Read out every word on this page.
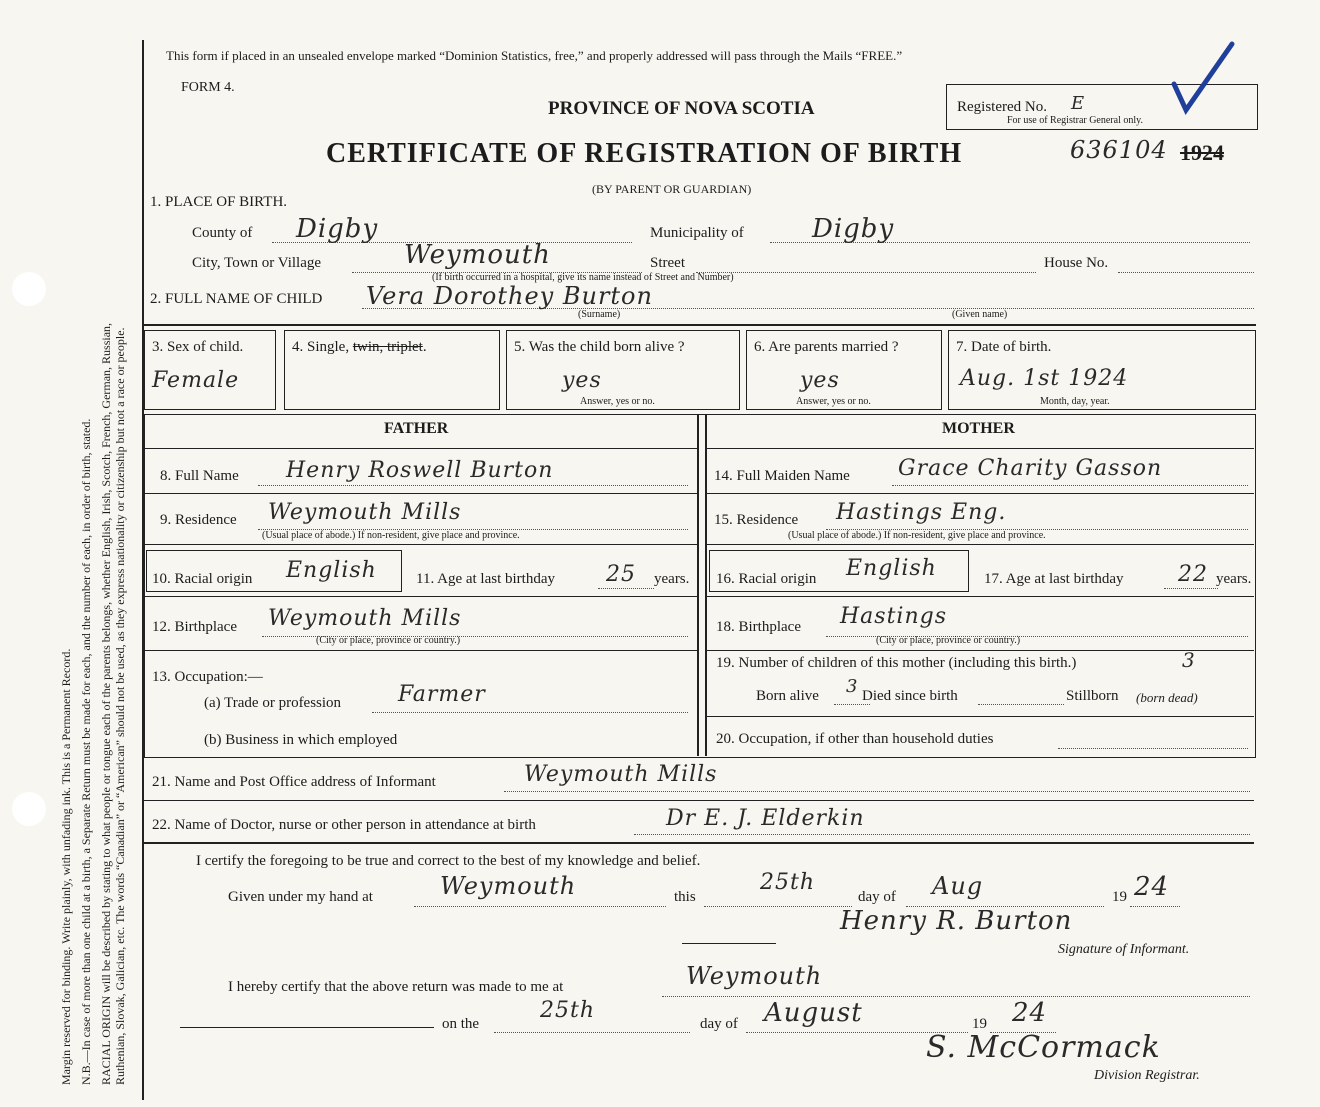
Margin reserved for binding. Write plainly, with unfading ink. This is a Permanent Record. N.B.—In case of more than one child at a birth, a Separate Return must be made for each, and the number of each, in order of birth, stated. RACIAL ORIGIN will be described by stating to what people or tongue each of the parents belongs, whether English, Irish, Scotch, French, German, Russian, Ruthenian, Slovak, Galician, etc. The words “Canadian” or “American” should not be used, as they express nationality or citizenship but not a race or people.
This form if placed in an unsealed envelope marked “Dominion Statistics, free,” and properly addressed will pass through the Mails “FREE.”
FORM 4.
PROVINCE OF NOVA SCOTIA	Registered No. E
For use of Registrar General only.
CERTIFICATE OF REGISTRATION OF BIRTH	636104 1924
(BY PARENT OR GUARDIAN)
1. PLACE OF BIRTH.
County of Digby	Municipality of	Digby
City, Town or Village	Weymouth	Street	House No.
(If birth occurred in a hospital, give its name instead of Street and Number)
2. FULL NAME OF CHILD Vera Dorothey Burton
(Surname)	(Given name)
3. Sex of child.
Female
4. Single, twin, triplet.	5. Was the child born alive ?
yes
Answer, yes or no.
6. Are parents married ?
yes
Answer, yes or no.
7. Date of birth.
Aug. 1st 1924
Month, day, year.
FATHER	MOTHER
8. Full Name Henry Roswell Burton
9. Residence Weymouth Mills
(Usual place of abode.) If non-resident, give place and province.
10. Racial origin English	11. Age at last birthday 25 years.
12. Birthplace Weymouth Mills
(City or place, province or country.)
13. Occupation:—
(a) Trade or profession	Farmer
(b) Business in which employed
14. Full Maiden Name Grace Charity Gasson
15. Residence Hastings Eng.
(Usual place of abode.) If non-resident, give place and province.
16. Racial origin English	17. Age at last birthday 22 years.
18. Birthplace Hastings
(City or place, province or country.)
19. Number of children of this mother (including this birth.)	3
Born alive 3 Died since birth	Stillborn (born dead)
20. Occupation, if other than household duties
21. Name and Post Office address of Informant	Weymouth Mills
22. Name of Doctor, nurse or other person in attendance at birth	Dr E. J. Elderkin
I certify the foregoing to be true and correct to the best of my knowledge and belief.
Given under my hand at	Weymouth	this
25th
day of Aug	19 24
Henry R. Burton
Signature of Informant.
I hereby certify that the above return was made to me at	Weymouth
on the
25th
day of August	19 24
S. McCormack
Division Registrar.
